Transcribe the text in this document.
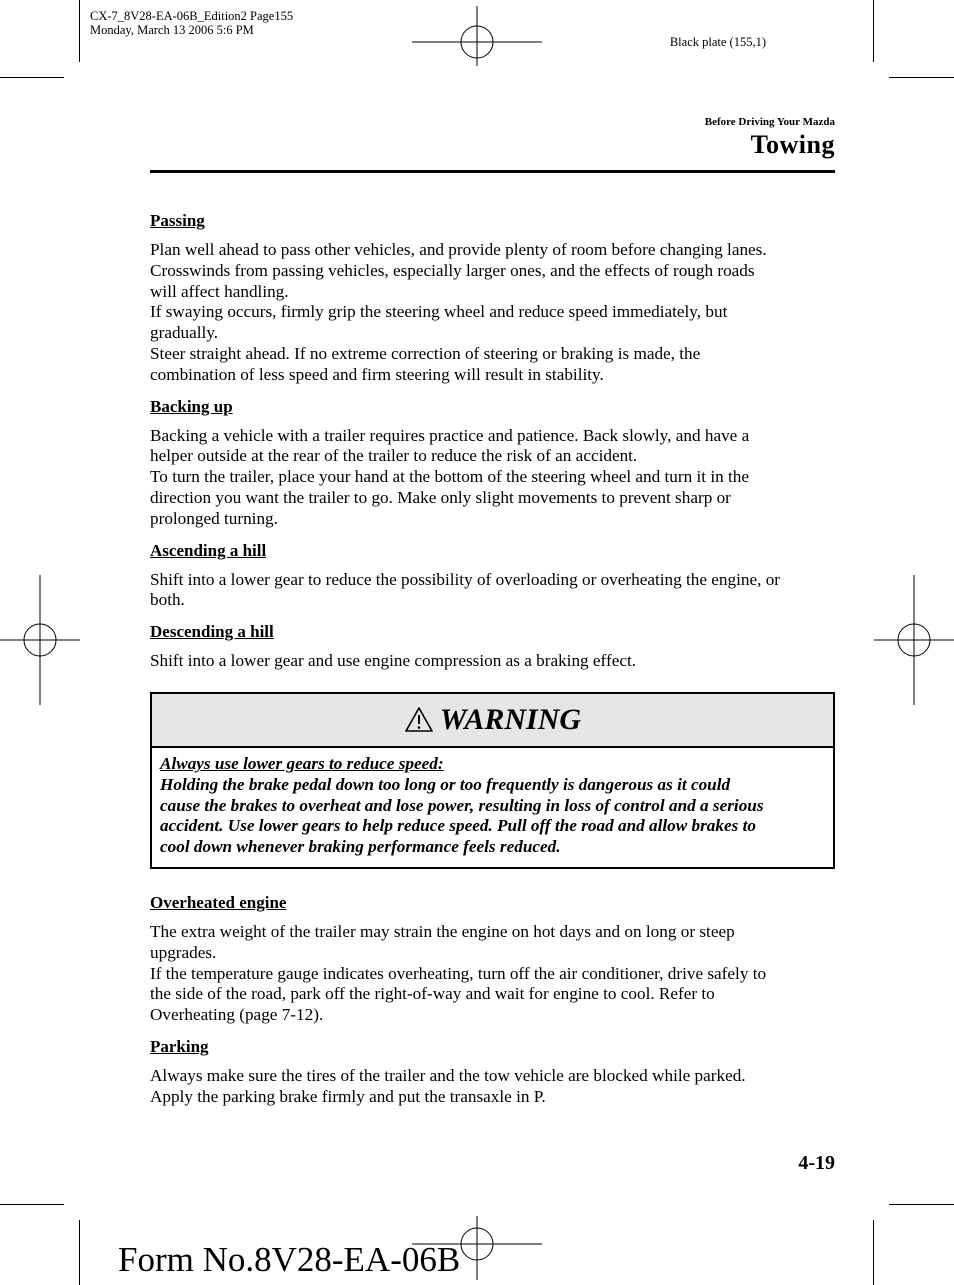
CX-7_8V28-EA-06B_Edition2 Page155
Monday, March 13 2006 5:6 PM
Black plate (155,1)
Before Driving Your Mazda
Towing
Passing
Plan well ahead to pass other vehicles, and provide plenty of room before changing lanes.
Crosswinds from passing vehicles, especially larger ones, and the effects of rough roads
will affect handling.
If swaying occurs, firmly grip the steering wheel and reduce speed immediately, but
gradually.
Steer straight ahead. If no extreme correction of steering or braking is made, the
combination of less speed and firm steering will result in stability.
Backing up
Backing a vehicle with a trailer requires practice and patience. Back slowly, and have a
helper outside at the rear of the trailer to reduce the risk of an accident.
To turn the trailer, place your hand at the bottom of the steering wheel and turn it in the
direction you want the trailer to go. Make only slight movements to prevent sharp or
prolonged turning.
Ascending a hill
Shift into a lower gear to reduce the possibility of overloading or overheating the engine, or
both.
Descending a hill
Shift into a lower gear and use engine compression as a braking effect.
WARNING
Always use lower gears to reduce speed:
Holding the brake pedal down too long or too frequently is dangerous as it could
cause the brakes to overheat and lose power, resulting in loss of control and a serious
accident. Use lower gears to help reduce speed. Pull off the road and allow brakes to
cool down whenever braking performance feels reduced.
Overheated engine
The extra weight of the trailer may strain the engine on hot days and on long or steep
upgrades.
If the temperature gauge indicates overheating, turn off the air conditioner, drive safely to
the side of the road, park off the right-of-way and wait for engine to cool. Refer to
Overheating (page 7-12).
Parking
Always make sure the tires of the trailer and the tow vehicle are blocked while parked.
Apply the parking brake firmly and put the transaxle in P.
4-19
Form No.8V28-EA-06B
